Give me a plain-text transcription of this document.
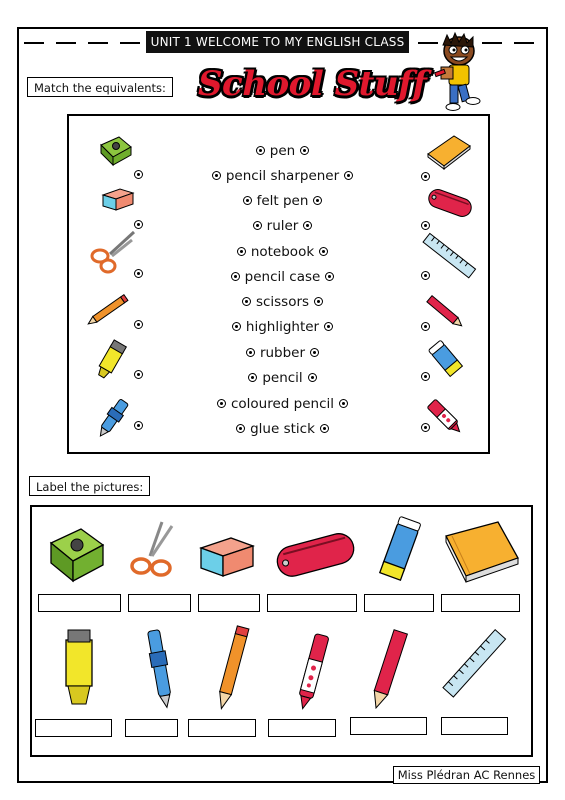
UNIT 1 WELCOME TO MY ENGLISH CLASS
Match the equivalents: School Stuff
pen
pencil sharpener
felt pen
ruler
notebook
pencil case
scissors
highlighter
rubber
pencil
coloured pencil
glue stick
Label the pictures:
Miss Plédran AC Rennes
